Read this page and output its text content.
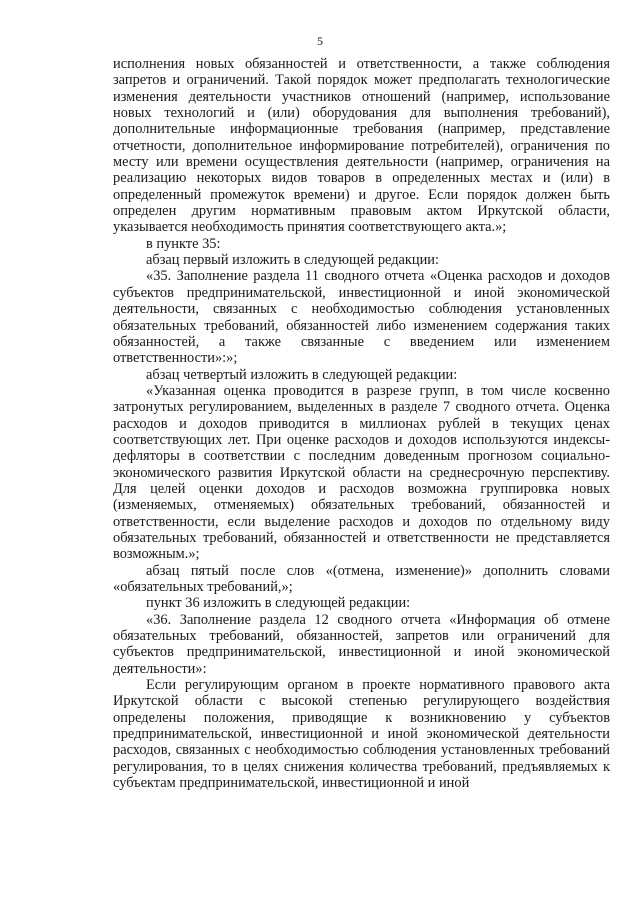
5

исполнения новых обязанностей и ответственности, а также соблюдения запретов и ограничений. Такой порядок может предполагать технологические изменения деятельности участников отношений (например, использование новых технологий и (или) оборудования для выполнения требований), дополнительные информационные требования (например, представление отчетности, дополнительное информирование потребителей), ограничения по месту или времени осуществления деятельности (например, ограничения на реализацию некоторых видов товаров в определенных местах и (или) в определенный промежуток времени) и другое. Если порядок должен быть определен другим нормативным правовым актом Иркутской области, указывается необходимость принятия соответствующего акта.»;

в пункте 35:

абзац первый изложить в следующей редакции:

«35. Заполнение раздела 11 сводного отчета «Оценка расходов и доходов субъектов предпринимательской, инвестиционной и иной экономической деятельности, связанных с необходимостью соблюдения установленных обязательных требований, обязанностей либо изменением содержания таких обязанностей, а также связанные с введением или изменением ответственности»:»;

абзац четвертый изложить в следующей редакции:

«Указанная оценка проводится в разрезе групп, в том числе косвенно затронутых регулированием, выделенных в разделе 7 сводного отчета. Оценка расходов и доходов приводится в миллионах рублей в текущих ценах соответствующих лет. При оценке расходов и доходов используются индексы-дефляторы в соответствии с последним доведенным прогнозом социально-экономического развития Иркутской области на среднесрочную перспективу. Для целей оценки доходов и расходов возможна группировка новых (изменяемых, отменяемых) обязательных требований, обязанностей и ответственности, если выделение расходов и доходов по отдельному виду обязательных требований, обязанностей и ответственности не представляется возможным.»;

абзац пятый после слов «(отмена, изменение)» дополнить словами «обязательных требований,»;

пункт 36 изложить в следующей редакции:

«36. Заполнение раздела 12 сводного отчета «Информация об отмене обязательных требований, обязанностей, запретов или ограничений для субъектов предпринимательской, инвестиционной и иной экономической деятельности»:

Если регулирующим органом в проекте нормативного правового акта Иркутской области с высокой степенью регулирующего воздействия определены положения, приводящие к возникновению у субъектов предпринимательской, инвестиционной и иной экономической деятельности расходов, связанных с необходимостью соблюдения установленных требований регулирования, то в целях снижения количества требований, предъявляемых к субъектам предпринимательской, инвестиционной и иной
